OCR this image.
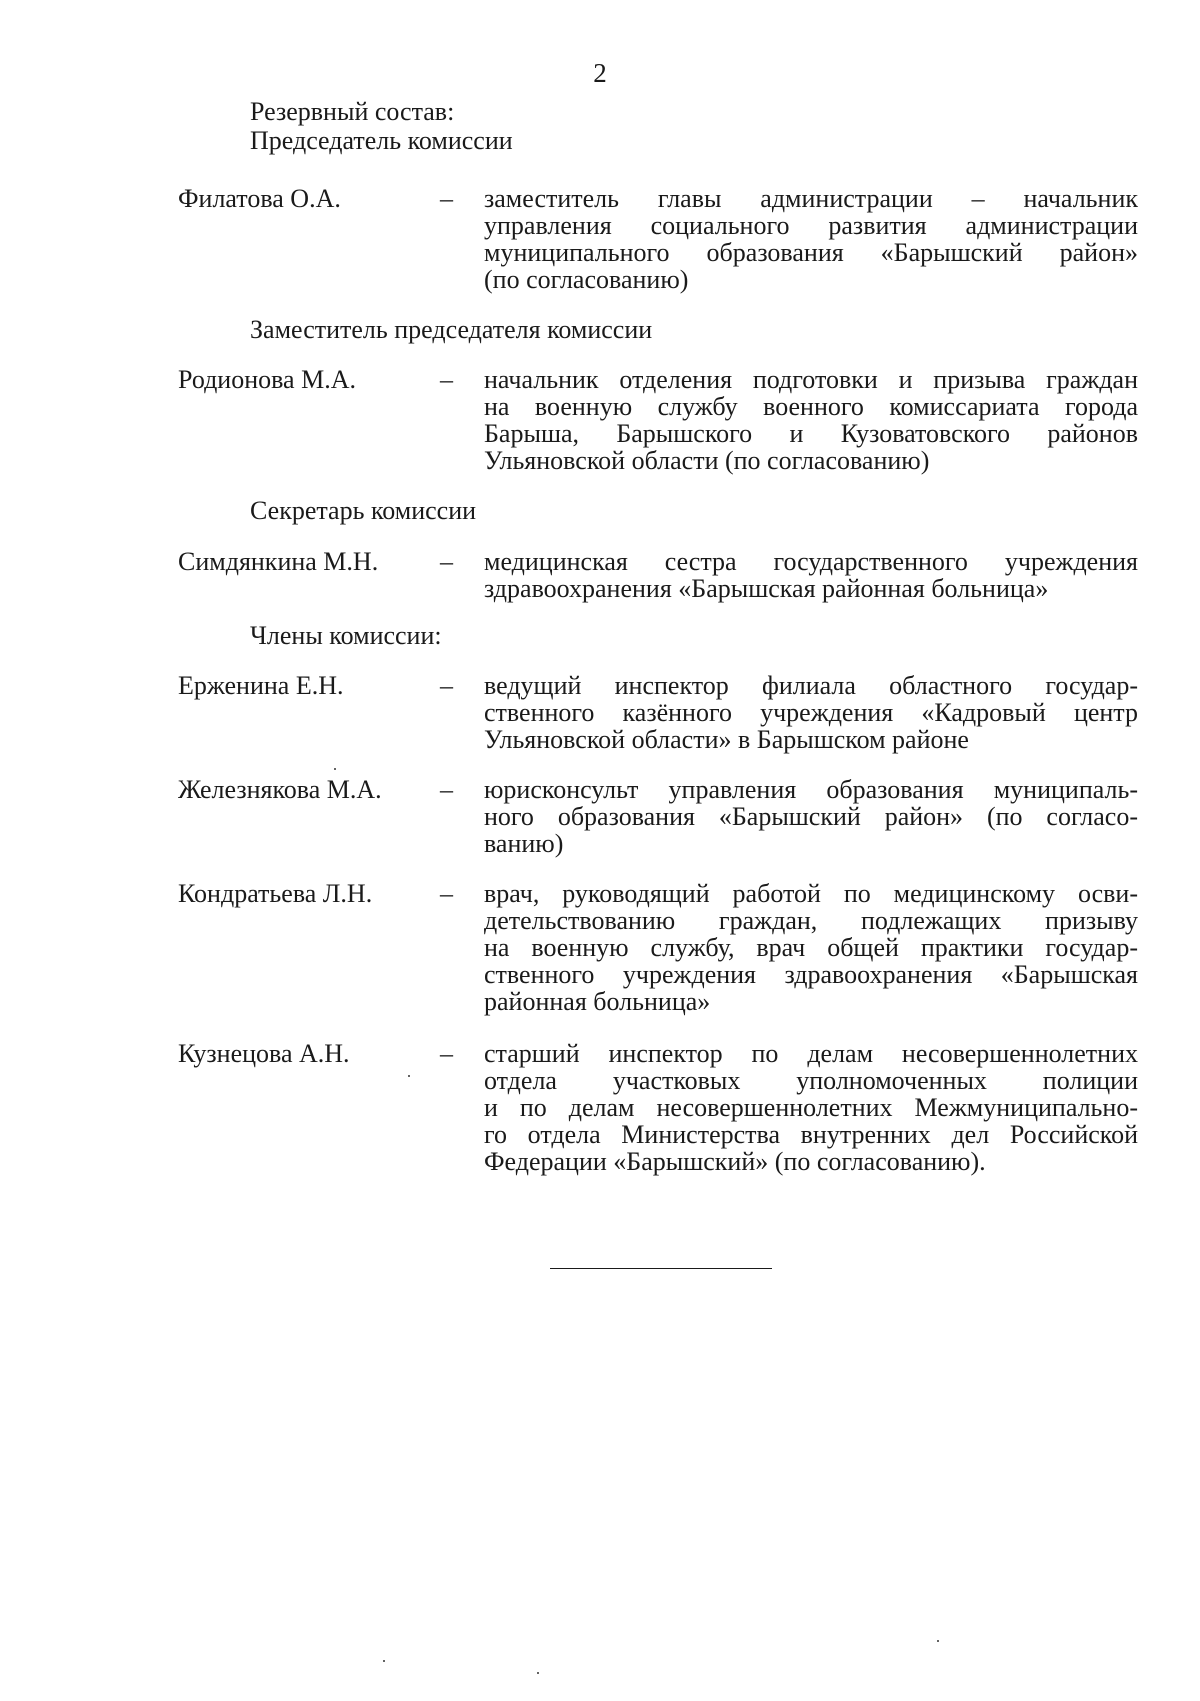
2
Резервный состав:
Председатель комиссии
Филатова О.А.	– заместитель главы администрации – начальник
управления социального развития администрации
муниципального образования «Барышский район»
(по согласованию)
Заместитель председателя комиссии
Родионова М.А.	– начальник отделения подготовки и призыва граждан
на военную службу военного комиссариата города
Барыша, Барышского и Кузоватовского районов
Ульяновской области (по согласованию)
Секретарь комиссии
Симдянкина М.Н. – медицинская сестра государственного учреждения
здравоохранения «Барышская районная больница»
Члены комиссии:
Ерженина Е.Н.	– ведущий инспектор филиала областного государ-
ственного казённого учреждения «Кадровый центр
Ульяновской области» в Барышском районе
Железнякова М.А. – юрисконсульт управления образования муниципаль-
ного образования «Барышский район» (по согласо-
ванию)
Кондратьева Л.Н.	– врач, руководящий работой по медицинскому осви-
детельствованию граждан, подлежащих призыву
на военную службу, врач общей практики государ-
ственного учреждения здравоохранения «Барышская
районная больница»
Кузнецова А.Н.	– старший инспектор по делам несовершеннолетних
отдела участковых уполномоченных полиции
и по делам несовершеннолетних Межмуниципально-
го отдела Министерства внутренних дел Российской
Федерации «Барышский» (по согласованию).
